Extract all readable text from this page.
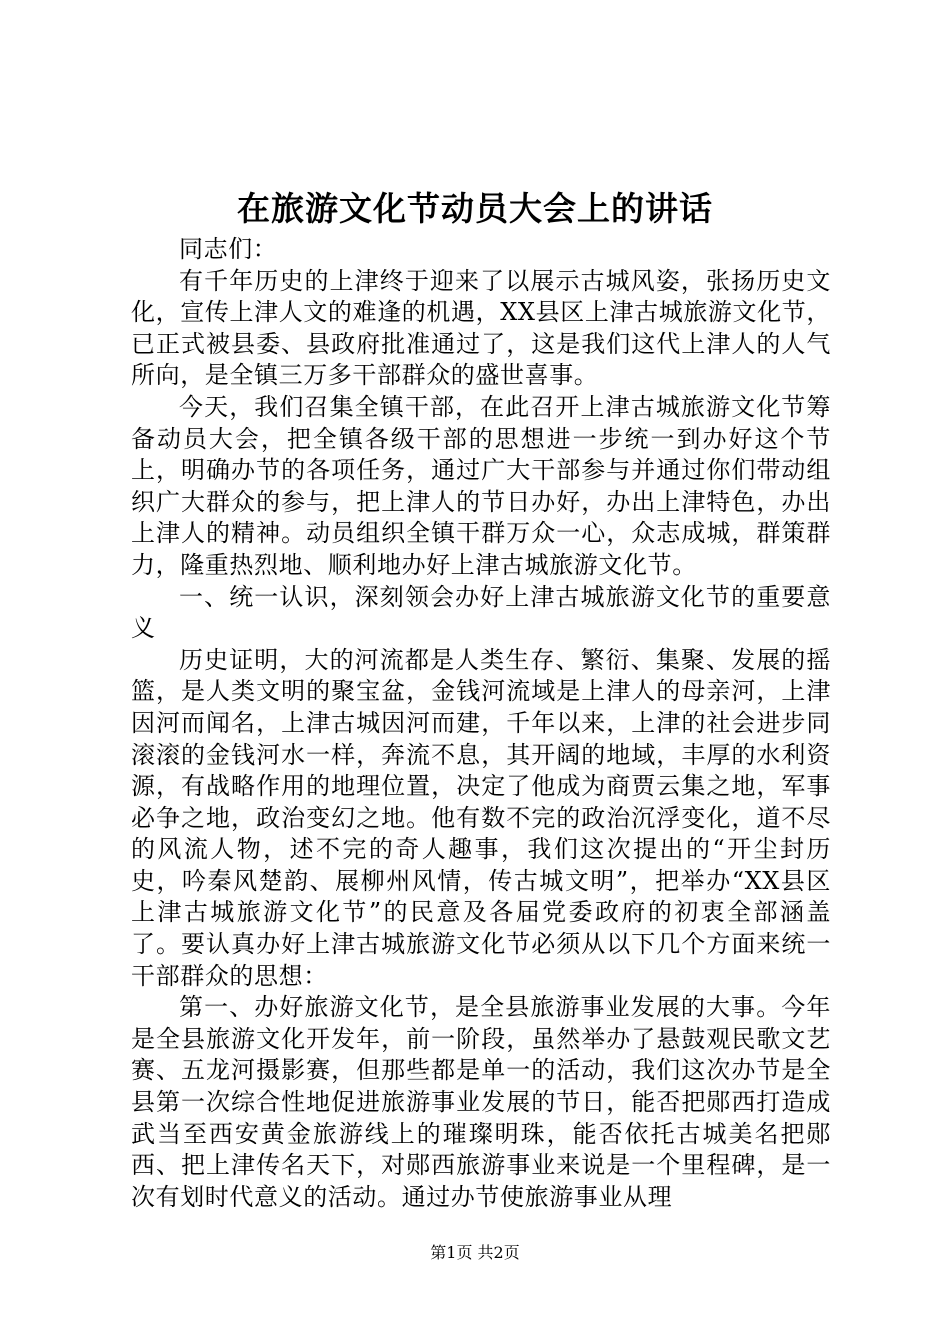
在旅游文化节动员大会上的讲话

同志们：

有千年历史的上津终于迎来了以展示古城风姿，张扬历史文化，宣传上津人文的难逢的机遇，XX县区上津古城旅游文化节，已正式被县委、县政府批准通过了，这是我们这代上津人的人气所向，是全镇三万多干部群众的盛世喜事。

今天，我们召集全镇干部，在此召开上津古城旅游文化节筹备动员大会，把全镇各级干部的思想进一步统一到办好这个节上，明确办节的各项任务，通过广大干部参与并通过你们带动组织广大群众的参与，把上津人的节日办好，办出上津特色，办出上津人的精神。动员组织全镇干群万众一心，众志成城，群策群力，隆重热烈地、顺利地办好上津古城旅游文化节。

一、统一认识，深刻领会办好上津古城旅游文化节的重要意义

历史证明，大的河流都是人类生存、繁衍、集聚、发展的摇篮，是人类文明的聚宝盆，金钱河流域是上津人的母亲河，上津因河而闻名，上津古城因河而建，千年以来，上津的社会进步同滚滚的金钱河水一样，奔流不息，其开阔的地域，丰厚的水利资源，有战略作用的地理位置，决定了他成为商贾云集之地，军事必争之地，政治变幻之地。他有数不完的政治沉浮变化，道不尽的风流人物，述不完的奇人趣事，我们这次提出的“开尘封历史，吟秦风楚韵、展柳州风情，传古城文明”，把举办“XX县区上津古城旅游文化节”的民意及各届党委政府的初衷全部涵盖了。要认真办好上津古城旅游文化节必须从以下几个方面来统一干部群众的思想：

第一、办好旅游文化节，是全县旅游事业发展的大事。今年是全县旅游文化开发年，前一阶段，虽然举办了悬鼓观民歌文艺赛、五龙河摄影赛，但那些都是单一的活动，我们这次办节是全县第一次综合性地促进旅游事业发展的节日，能否把郧西打造成武当至西安黄金旅游线上的璀璨明珠，能否依托古城美名把郧西、把上津传名天下，对郧西旅游事业来说是一个里程碑，是一次有划时代意义的活动。通过办节使旅游事业从理

第1页 共2页
